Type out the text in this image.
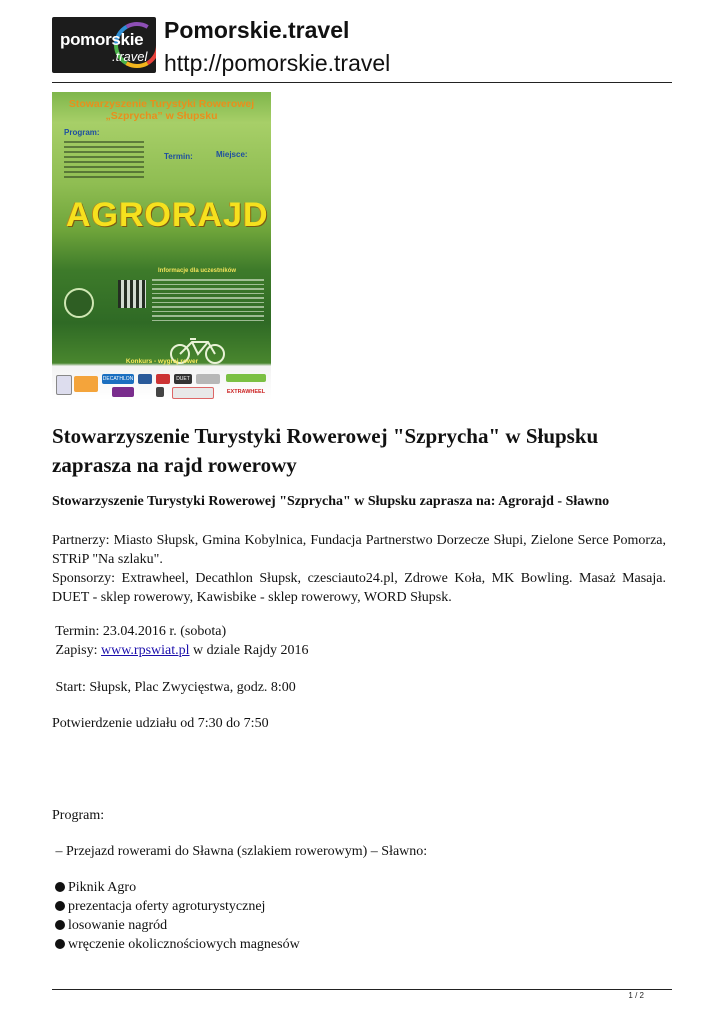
pomorskie
.travel
Pomorskie.travel
http://pomorskie.travel
Stowarzyszenie Turystyki Rowerowej
„Szprycha” w Słupsku
Program:
Termin:	Miejsce:
AGRORAJD
Informacje dla uczestników
Konkurs - wygraj rower
DECATHLON	DUET
EXTRAWHEEL
Stowarzyszenie Turystyki Rowerowej "Szprycha" w Słupsku zaprasza na rajd rowerowy
Stowarzyszenie Turystyki Rowerowej "Szprycha" w Słupsku zaprasza na: Agrorajd - Sławno
Partnerzy: Miasto Słupsk, Gmina Kobylnica, Fundacja Partnerstwo Dorzecze Słupi, Zielone Serce Pomorza, STRiP "Na szlaku".
Sponsorzy: Extrawheel, Decathlon Słupsk, czesciauto24.pl, Zdrowe Koła, MK Bowling. Masaż Masaja. DUET - sklep rowerowy, Kawisbike - sklep rowerowy, WORD Słupsk.
Termin: 23.04.2016 r. (sobota)
Zapisy: www.rpswiat.pl w dziale Rajdy 2016
Start: Słupsk, Plac Zwycięstwa, godz. 8:00
Potwierdzenie udziału od 7:30 do 7:50
Program:
– Przejazd rowerami do Sławna (szlakiem rowerowym) – Sławno:
Piknik Agro
prezentacja oferty agroturystycznej
losowanie nagród
wręczenie okolicznościowych magnesów
1 / 2
